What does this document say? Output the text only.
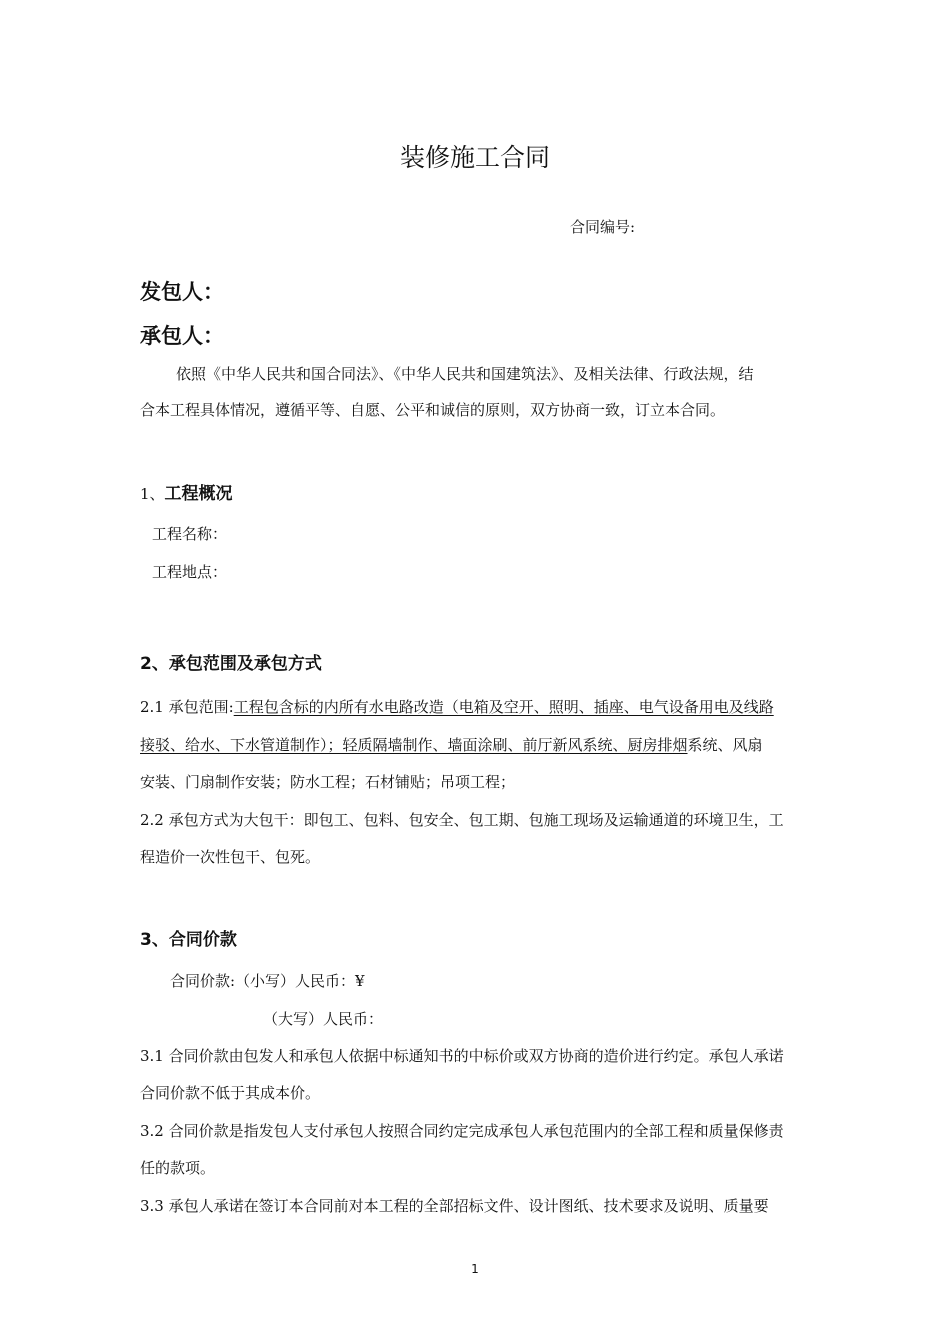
装修施工合同
合同编号:
发包人：
承包人：
依照《中华人民共和国合同法》、《中华人民共和国建筑法》、及相关法律、行政法规，结
合本工程具体情况，遵循平等、自愿、公平和诚信的原则，双方协商一致，订立本合同。
1、工程概况
工程名称：
工程地点：
2、承包范围及承包方式
2.1 承包范围:工程包含标的内所有水电路改造（电箱及空开、照明、插座、电气设备用电及线路
接驳、给水、下水管道制作）；轻质隔墙制作、墙面涂刷、前厅新风系统、厨房排烟系统、风扇
安装、门扇制作安装；防水工程；石材铺贴；吊项工程；
2.2 承包方式为大包干：即包工、包料、包安全、包工期、包施工现场及运输通道的环境卫生，工
程造价一次性包干、包死。
3、合同价款
合同价款:（小写）人民币：¥
（大写）人民币：
3.1 合同价款由包发人和承包人依据中标通知书的中标价或双方协商的造价进行约定。承包人承诺
合同价款不低于其成本价。
3.2 合同价款是指发包人支付承包人按照合同约定完成承包人承包范围内的全部工程和质量保修责
任的款项。
3.3 承包人承诺在签订本合同前对本工程的全部招标文件、设计图纸、技术要求及说明、质量要
1
